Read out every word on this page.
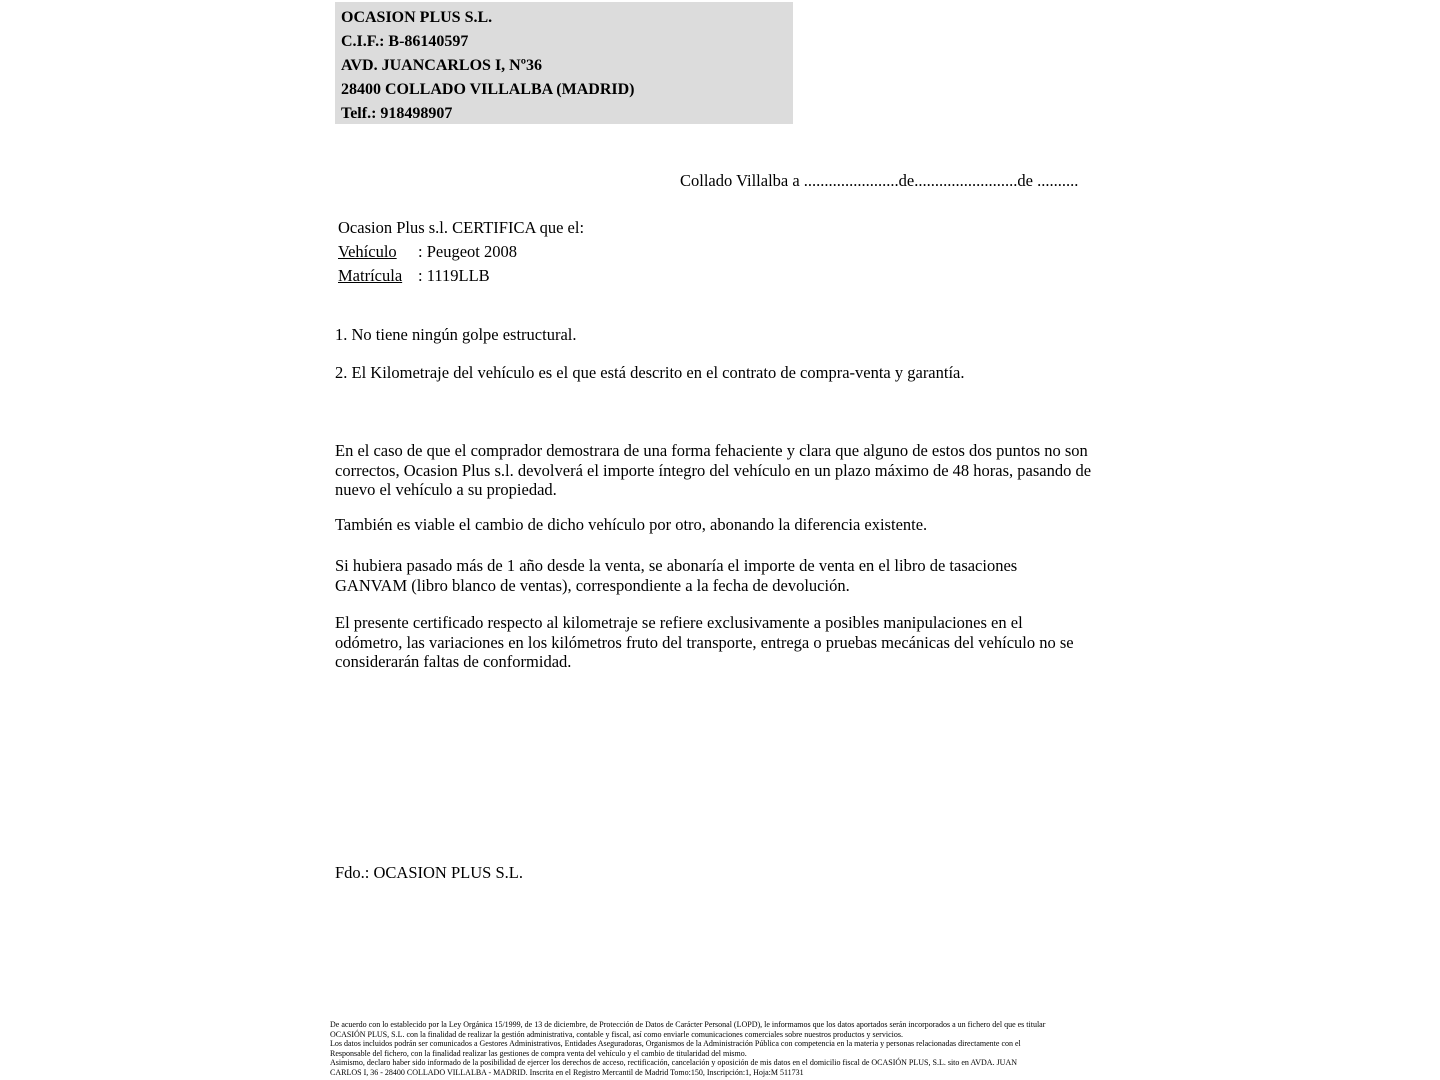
OCASION PLUS S.L.
C.I.F.: B-86140597
AVD. JUANCARLOS I, Nº36
28400 COLLADO VILLALBA (MADRID)
Telf.: 918498907
Collado Villalba a .......................de.........................de ..........
Ocasion Plus s.l. CERTIFICA que el:
Vehículo : Peugeot 2008
Matrícula : 1119LLB
1. No tiene ningún golpe estructural.
2. El Kilometraje del vehículo es el que está descrito en el contrato de compra-venta y garantía.
En el caso de que el comprador demostrara de una forma fehaciente y clara que alguno de estos dos puntos no son correctos, Ocasion Plus s.l. devolverá el importe íntegro del vehículo en un plazo máximo de 48 horas, pasando de nuevo el vehículo a su propiedad.
También es viable el cambio de dicho vehículo por otro, abonando la diferencia existente.
Si hubiera pasado más de 1 año desde la venta, se abonaría el importe de venta en el libro de tasaciones GANVAM (libro blanco de ventas), correspondiente a la fecha de devolución.
El presente certificado respecto al kilometraje se refiere exclusivamente a posibles manipulaciones en el odómetro, las variaciones en los kilómetros fruto del transporte, entrega o pruebas mecánicas del vehículo no se considerarán faltas de conformidad.
Fdo.: OCASION PLUS S.L.
De acuerdo con lo establecido por la Ley Orgánica 15/1999, de 13 de diciembre, de Protección de Datos de Carácter Personal (LOPD), le informamos que los datos aportados serán incorporados a un fichero del que es titular
OCASIÓN PLUS, S.L. con la finalidad de realizar la gestión administrativa, contable y fiscal, así como enviarle comunicaciones comerciales sobre nuestros productos y servicios.
Los datos incluidos podrán ser comunicados a Gestores Administrativos, Entidades Aseguradoras, Organismos de la Administración Pública con competencia en la materia y personas relacionadas directamente con el
Responsable del fichero, con la finalidad realizar las gestiones de compra venta del vehículo y el cambio de titularidad del mismo.
Asimismo, declaro haber sido informado de la posibilidad de ejercer los derechos de acceso, rectificación, cancelación y oposición de mis datos en el domicilio fiscal de OCASIÓN PLUS, S.L. sito en AVDA. JUAN
CARLOS I, 36 - 28400 COLLADO VILLALBA - MADRID. Inscrita en el Registro Mercantil de Madrid Tomo:150, Inscripción:1, Hoja:M 511731
